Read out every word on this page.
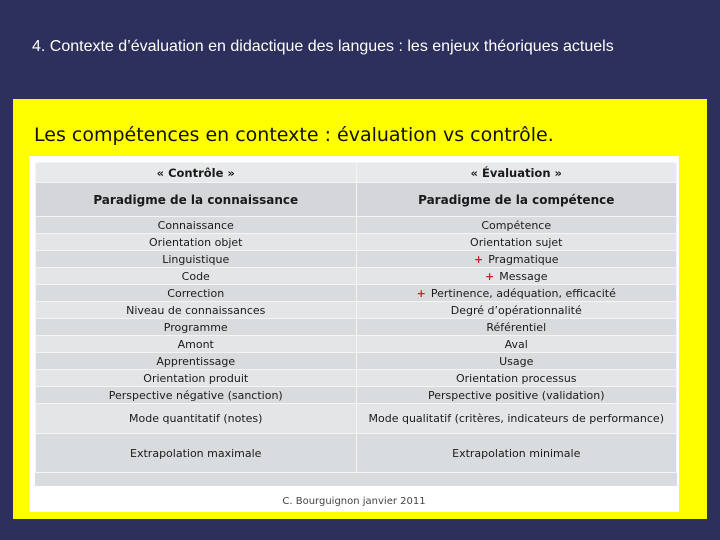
4. Contexte d’évaluation en didactique des langues : les enjeux théoriques actuels
Les compétences en contexte : évaluation vs contrôle.
« Contrôle »	« Évaluation »
Paradigme de la connaissance	Paradigme de la compétence
Connaissance	Compétence
Orientation objet	Orientation sujet
Linguistique	+ Pragmatique
Code	+ Message
Correction	+ Pertinence, adéquation, efficacité
Niveau de connaissances	Degré d’opérationnalité
Programme	Référentiel
Amont	Aval
Apprentissage	Usage
Orientation produit	Orientation processus
Perspective négative (sanction)	Perspective positive (validation)
Mode quantitatif (notes)	Mode qualitatif (critères, indicateurs de performance)
Extrapolation maximale	Extrapolation minimale
C. Bourguignon janvier 2011
